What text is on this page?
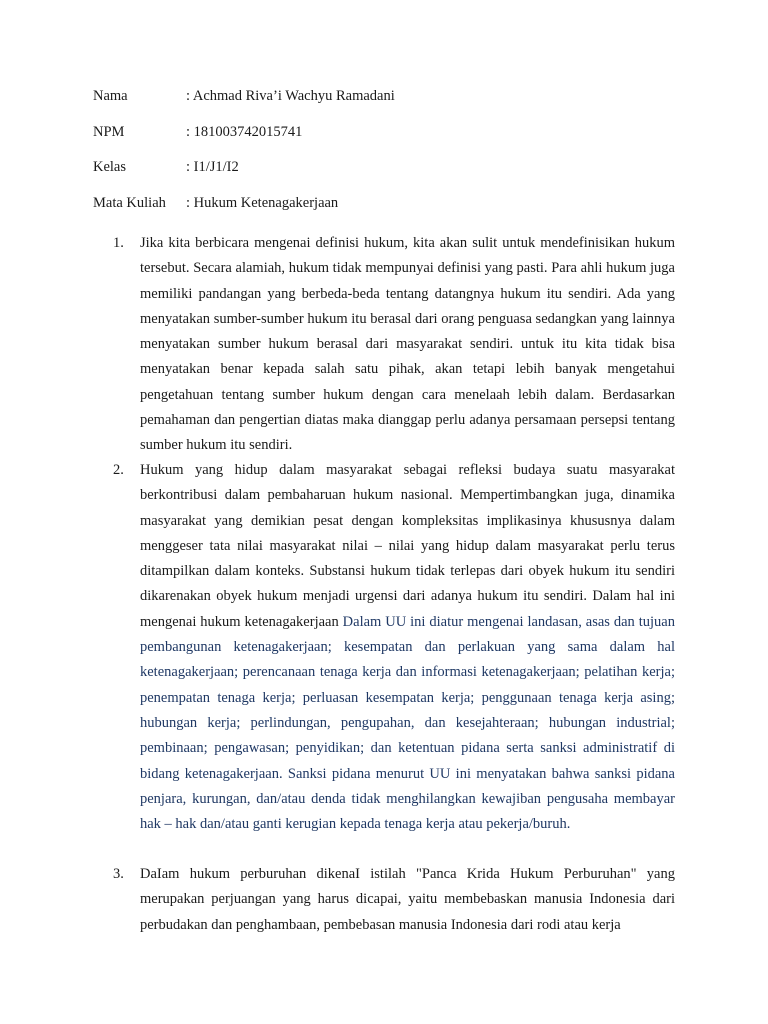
Nama	: Achmad Riva’i Wachyu Ramadani
NPM	: 181003742015741
Kelas	: I1/J1/I2
Mata Kuliah : Hukum Ketenagakerjaan
1. Jika kita berbicara mengenai definisi hukum, kita akan sulit untuk mendefinisikan hukum tersebut. Secara alamiah, hukum tidak mempunyai definisi yang pasti. Para ahli hukum juga memiliki pandangan yang berbeda-beda tentang datangnya hukum itu sendiri. Ada yang menyatakan sumber-sumber hukum itu berasal dari orang penguasa sedangkan yang lainnya menyatakan sumber hukum berasal dari masyarakat sendiri. untuk itu kita tidak bisa menyatakan benar kepada salah satu pihak, akan tetapi lebih banyak mengetahui pengetahuan tentang sumber hukum dengan cara menelaah lebih dalam. Berdasarkan pemahaman dan pengertian diatas maka dianggap perlu adanya persamaan persepsi tentang sumber hukum itu sendiri.
2. Hukum yang hidup dalam masyarakat sebagai refleksi budaya suatu masyarakat berkontribusi dalam pembaharuan hukum nasional. Mempertimbangkan juga, dinamika masyarakat yang demikian pesat dengan kompleksitas implikasinya khususnya dalam menggeser tata nilai masyarakat nilai – nilai yang hidup dalam masyarakat perlu terus ditampilkan dalam konteks. Substansi hukum tidak terlepas dari obyek hukum itu sendiri dikarenakan obyek hukum menjadi urgensi dari adanya hukum itu sendiri. Dalam hal ini mengenai hukum ketenagakerjaan Dalam UU ini diatur mengenai landasan, asas dan tujuan pembangunan ketenagakerjaan; kesempatan dan perlakuan yang sama dalam hal ketenagakerjaan; perencanaan tenaga kerja dan informasi ketenagakerjaan; pelatihan kerja; penempatan tenaga kerja; perluasan kesempatan kerja; penggunaan tenaga kerja asing; hubungan kerja; perlindungan, pengupahan, dan kesejahteraan; hubungan industrial; pembinaan; pengawasan; penyidikan; dan ketentuan pidana serta sanksi administratif di bidang ketenagakerjaan. Sanksi pidana menurut UU ini menyatakan bahwa sanksi pidana penjara, kurungan, dan/atau denda tidak menghilangkan kewajiban pengusaha membayar hak – hak dan/atau ganti kerugian kepada tenaga kerja atau pekerja/buruh.
3. DaIam hukum perburuhan dikenaI istilah "Panca Krida Hukum Perburuhan" yang merupakan perjuangan yang harus dicapai, yaitu membebaskan manusia Indonesia dari perbudakan dan penghambaan, pembebasan manusia Indonesia dari rodi atau kerja
